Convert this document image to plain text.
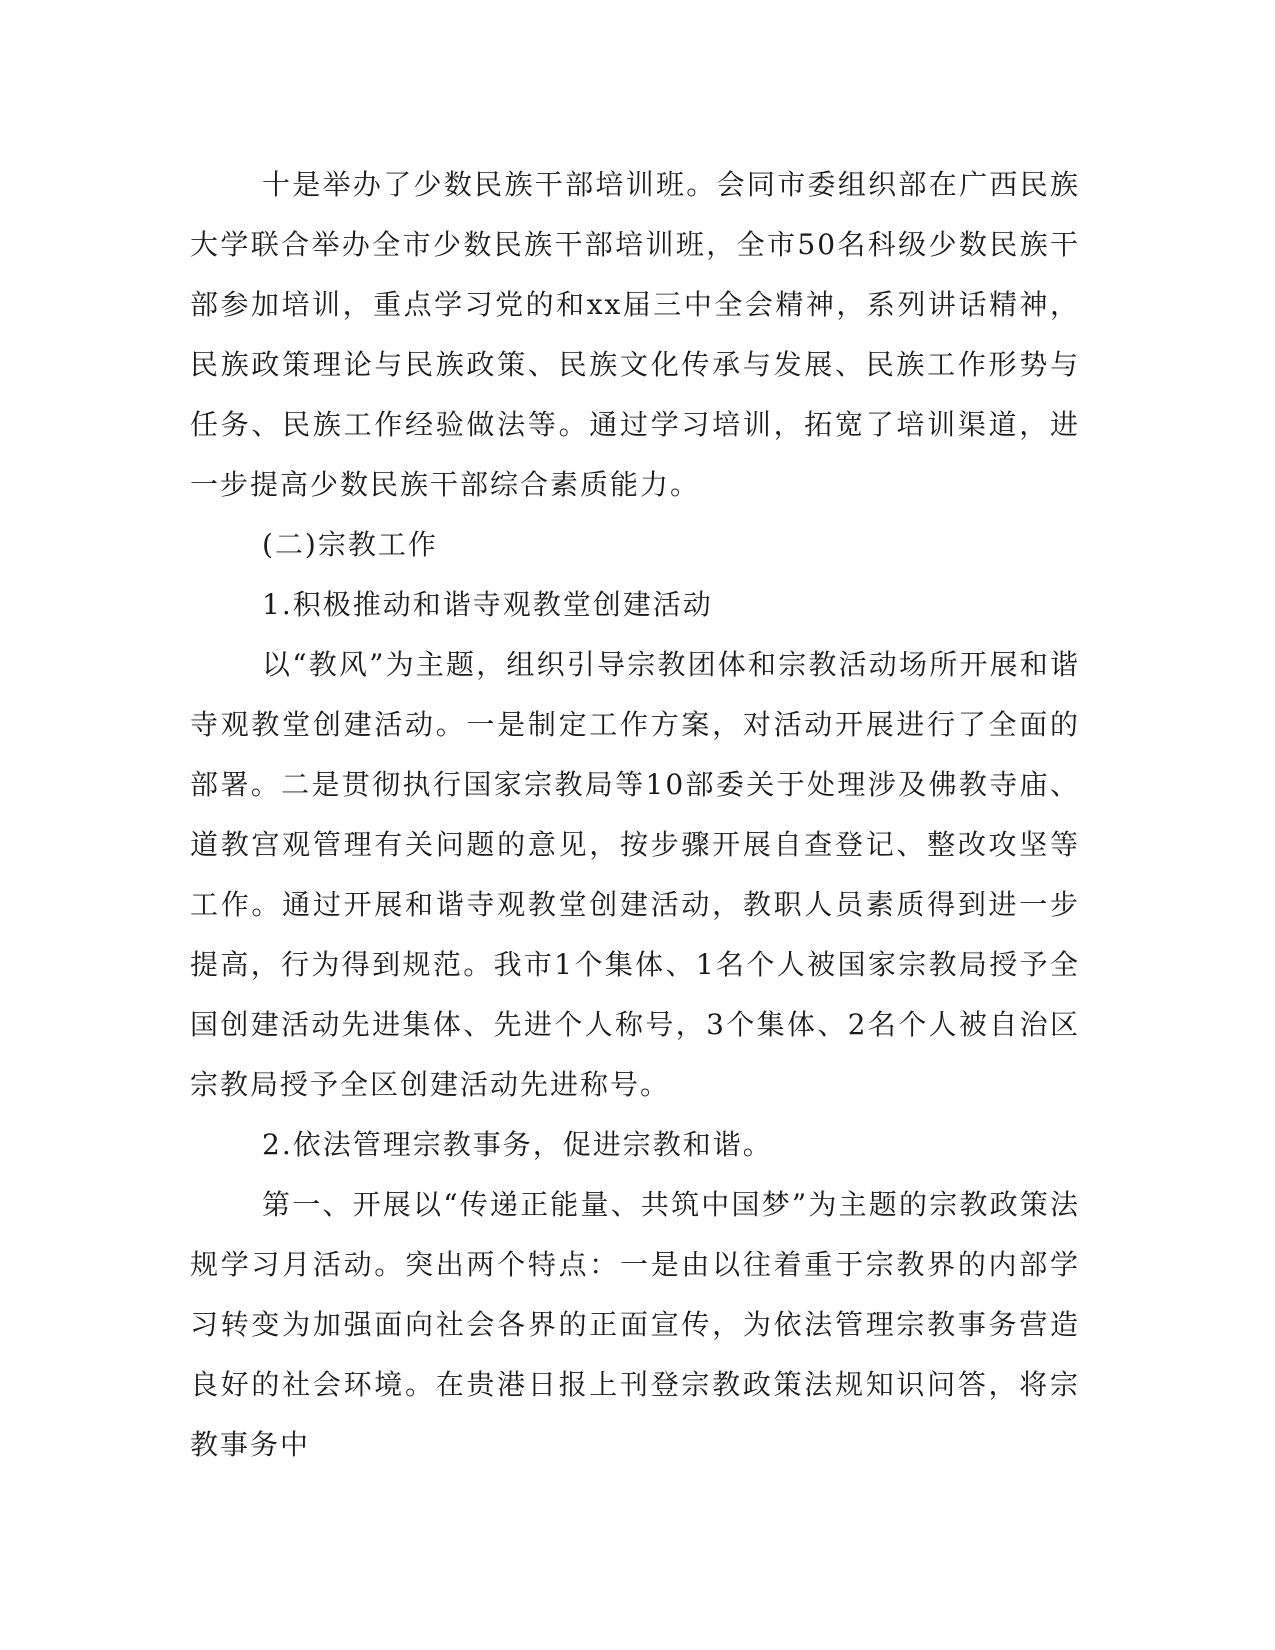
十是举办了少数民族干部培训班。会同市委组织部在广西民族大学联合举办全市少数民族干部培训班，全市50名科级少数民族干部参加培训，重点学习党的和xx届三中全会精神，系列讲话精神，民族政策理论与民族政策、民族文化传承与发展、民族工作形势与任务、民族工作经验做法等。通过学习培训，拓宽了培训渠道，进一步提高少数民族干部综合素质能力。

(二)宗教工作

1.积极推动和谐寺观教堂创建活动

以“教风”为主题，组织引导宗教团体和宗教活动场所开展和谐寺观教堂创建活动。一是制定工作方案，对活动开展进行了全面的部署。二是贯彻执行国家宗教局等10部委关于处理涉及佛教寺庙、道教宫观管理有关问题的意见，按步骤开展自查登记、整改攻坚等工作。通过开展和谐寺观教堂创建活动，教职人员素质得到进一步提高，行为得到规范。我市1个集体、1名个人被国家宗教局授予全国创建活动先进集体、先进个人称号，3个集体、2名个人被自治区宗教局授予全区创建活动先进称号。

2.依法管理宗教事务，促进宗教和谐。

第一、开展以“传递正能量、共筑中国梦”为主题的宗教政策法规学习月活动。突出两个特点：一是由以往着重于宗教界的内部学习转变为加强面向社会各界的正面宣传，为依法管理宗教事务营造良好的社会环境。在贵港日报上刊登宗教政策法规知识问答，将宗教事务中
